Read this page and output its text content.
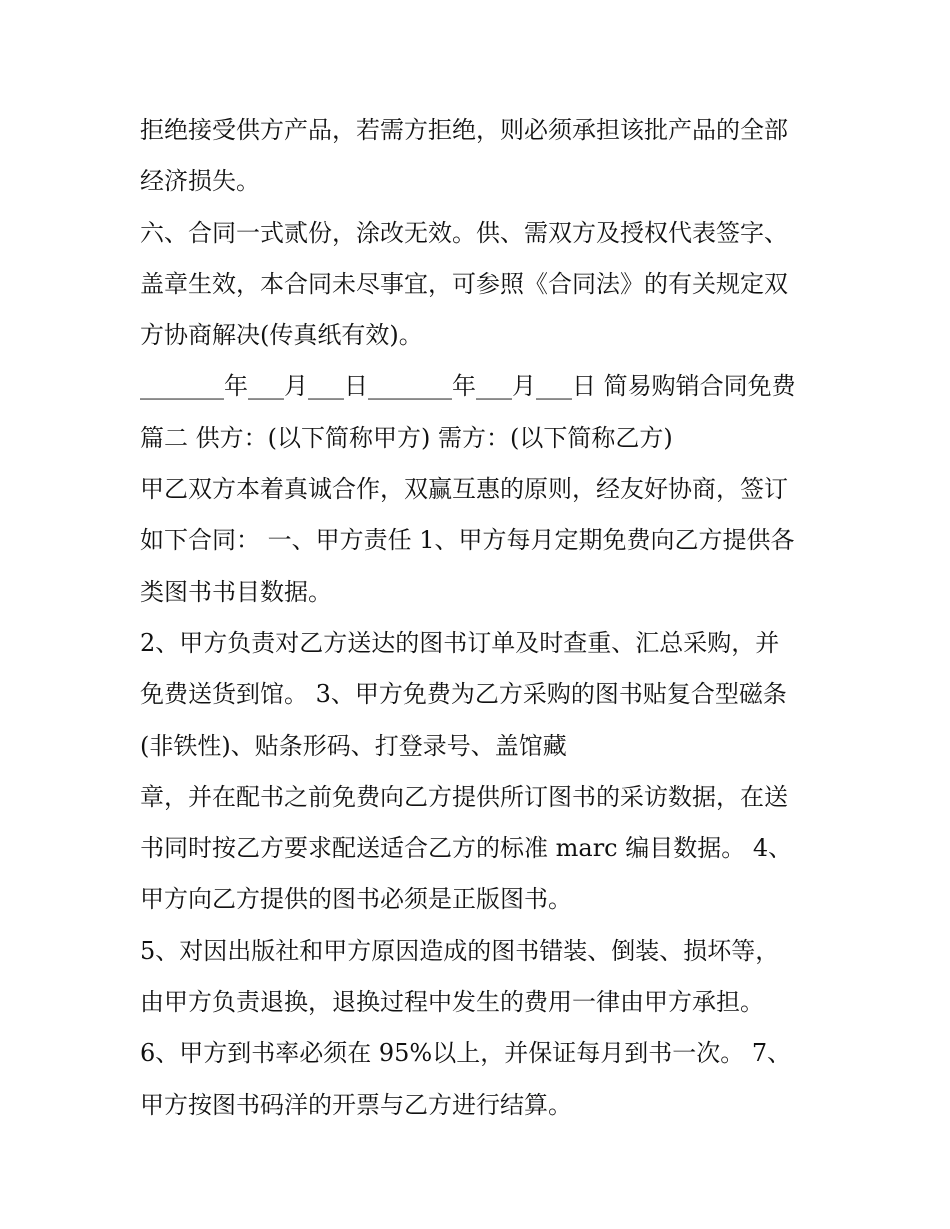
拒绝接受供方产品，若需方拒绝，则必须承担该批产品的全部
经济损失。
六、合同一式贰份，涂改无效。供、需双方及授权代表签字、
盖章生效，本合同未尽事宜，可参照《合同法》的有关规定双
方协商解决(传真纸有效)。
_______年___月___日_______年___月___日 简易购销合同免费
篇二 供方：(以下简称甲方) 需方：(以下简称乙方)
甲乙双方本着真诚合作，双赢互惠的原则，经友好协商，签订
如下合同： 一、甲方责任 1、甲方每月定期免费向乙方提供各
类图书书目数据。
2、甲方负责对乙方送达的图书订单及时查重、汇总采购，并
免费送货到馆。 3、甲方免费为乙方采购的图书贴复合型磁条
(非铁性)、贴条形码、打登录号、盖馆藏
章，并在配书之前免费向乙方提供所订图书的采访数据，在送
书同时按乙方要求配送适合乙方的标准 marc 编目数据。 4、
甲方向乙方提供的图书必须是正版图书。
5、对因出版社和甲方原因造成的图书错装、倒装、损坏等，
由甲方负责退换，退换过程中发生的费用一律由甲方承担。
6、甲方到书率必须在 95%以上，并保证每月到书一次。 7、
甲方按图书码洋的开票与乙方进行结算。
